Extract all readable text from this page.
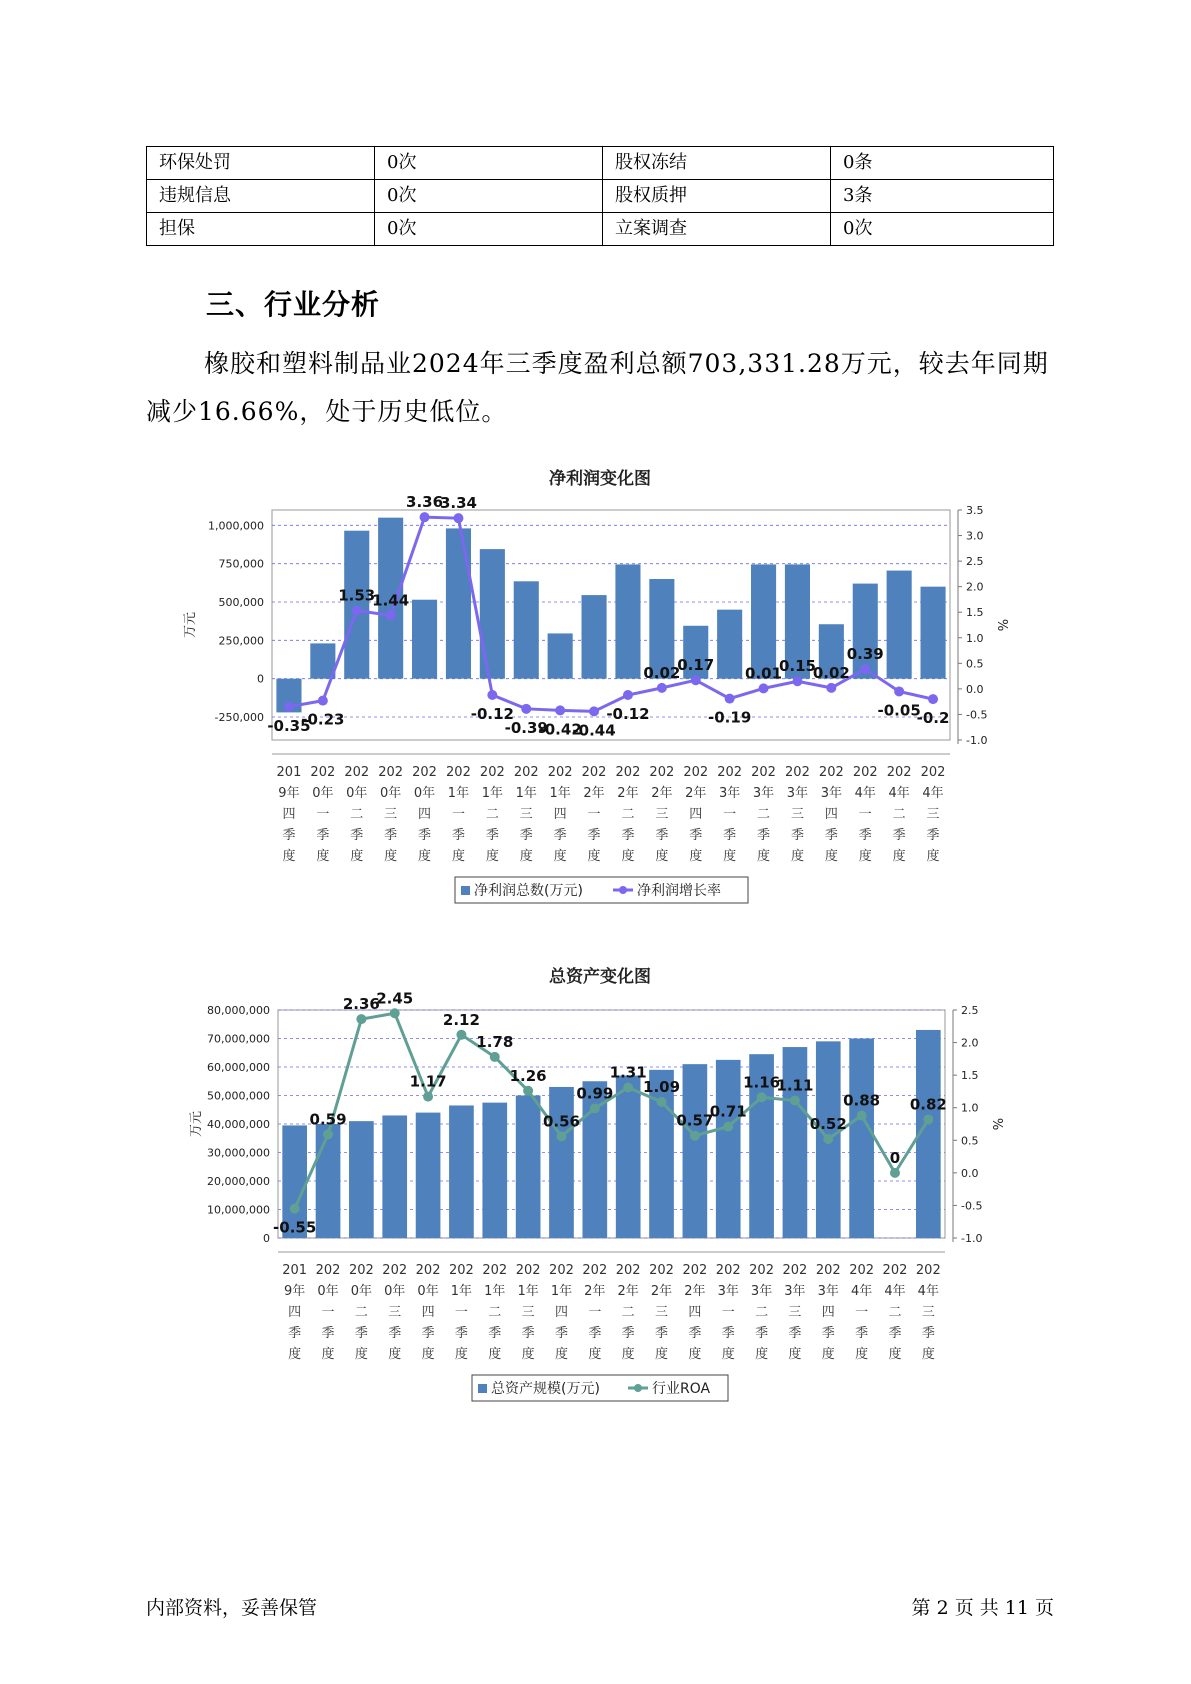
环保处罚	0次	股权冻结	0条
违规信息	0次	股权质押	3条
担保	0次	立案调查	0次
三、行业分析

橡胶和塑料制品业2024年三季度盈利总额703,331.28万元，较去年同期减少16.66%，处于历史低位。

净利润变化图
-250,000
0
250,000
500,000
750,000
1,000,000
-1.0
-0.5
0.0
0.5
1.0
1.5
2.0
2.5
3.0
3.5
万元	%
-0.35
-0.23
1.53
1.44
3.36
3.34
-0.12
-0.39
-0.42
-0.44
-0.12
0.02
0.17
-0.19
0.01
0.15
0.02
0.39
-0.05
-0.2
201
9年
四
季
度
202
0年
一
季
度
202
0年
二
季
度
202
0年
三
季
度
202
0年
四
季
度
202
1年
一
季
度
202
1年
二
季
度
202
1年
三
季
度
202
1年
四
季
度
202
2年
一
季
度
202
2年
二
季
度
202
2年
三
季
度
202
2年
四
季
度
202
3年
一
季
度
202
3年
二
季
度
202
3年
三
季
度
202
3年
四
季
度
202
4年
一
季
度
202
4年
二
季
度
202
4年
三
季
度
净利润总数(万元)	净利润增长率
总资产变化图
0
10,000,000
20,000,000
30,000,000
40,000,000
50,000,000
60,000,000
70,000,000
80,000,000
-1.0
-0.5
0.0
0.5
1.0
1.5
2.0
2.5
万元	%
-0.55
0.59
2.36
2.45
1.17
2.12
1.78
1.26
0.56
0.99
1.31
1.09
0.57
0.71
1.16
1.11
0.52
0.88
0
0.82
201
9年
四
季
度
202
0年
一
季
度
202
0年
二
季
度
202
0年
三
季
度
202
0年
四
季
度
202
1年
一
季
度
202
1年
二
季
度
202
1年
三
季
度
202
1年
四
季
度
202
2年
一
季
度
202
2年
二
季
度
202
2年
三
季
度
202
2年
四
季
度
202
3年
一
季
度
202
3年
二
季
度
202
3年
三
季
度
202
3年
四
季
度
202
4年
一
季
度
202
4年
二
季
度
202
4年
三
季
度
总资产规模(万元)	行业ROA
内部资料，妥善保管	第 2 页 共 11 页
